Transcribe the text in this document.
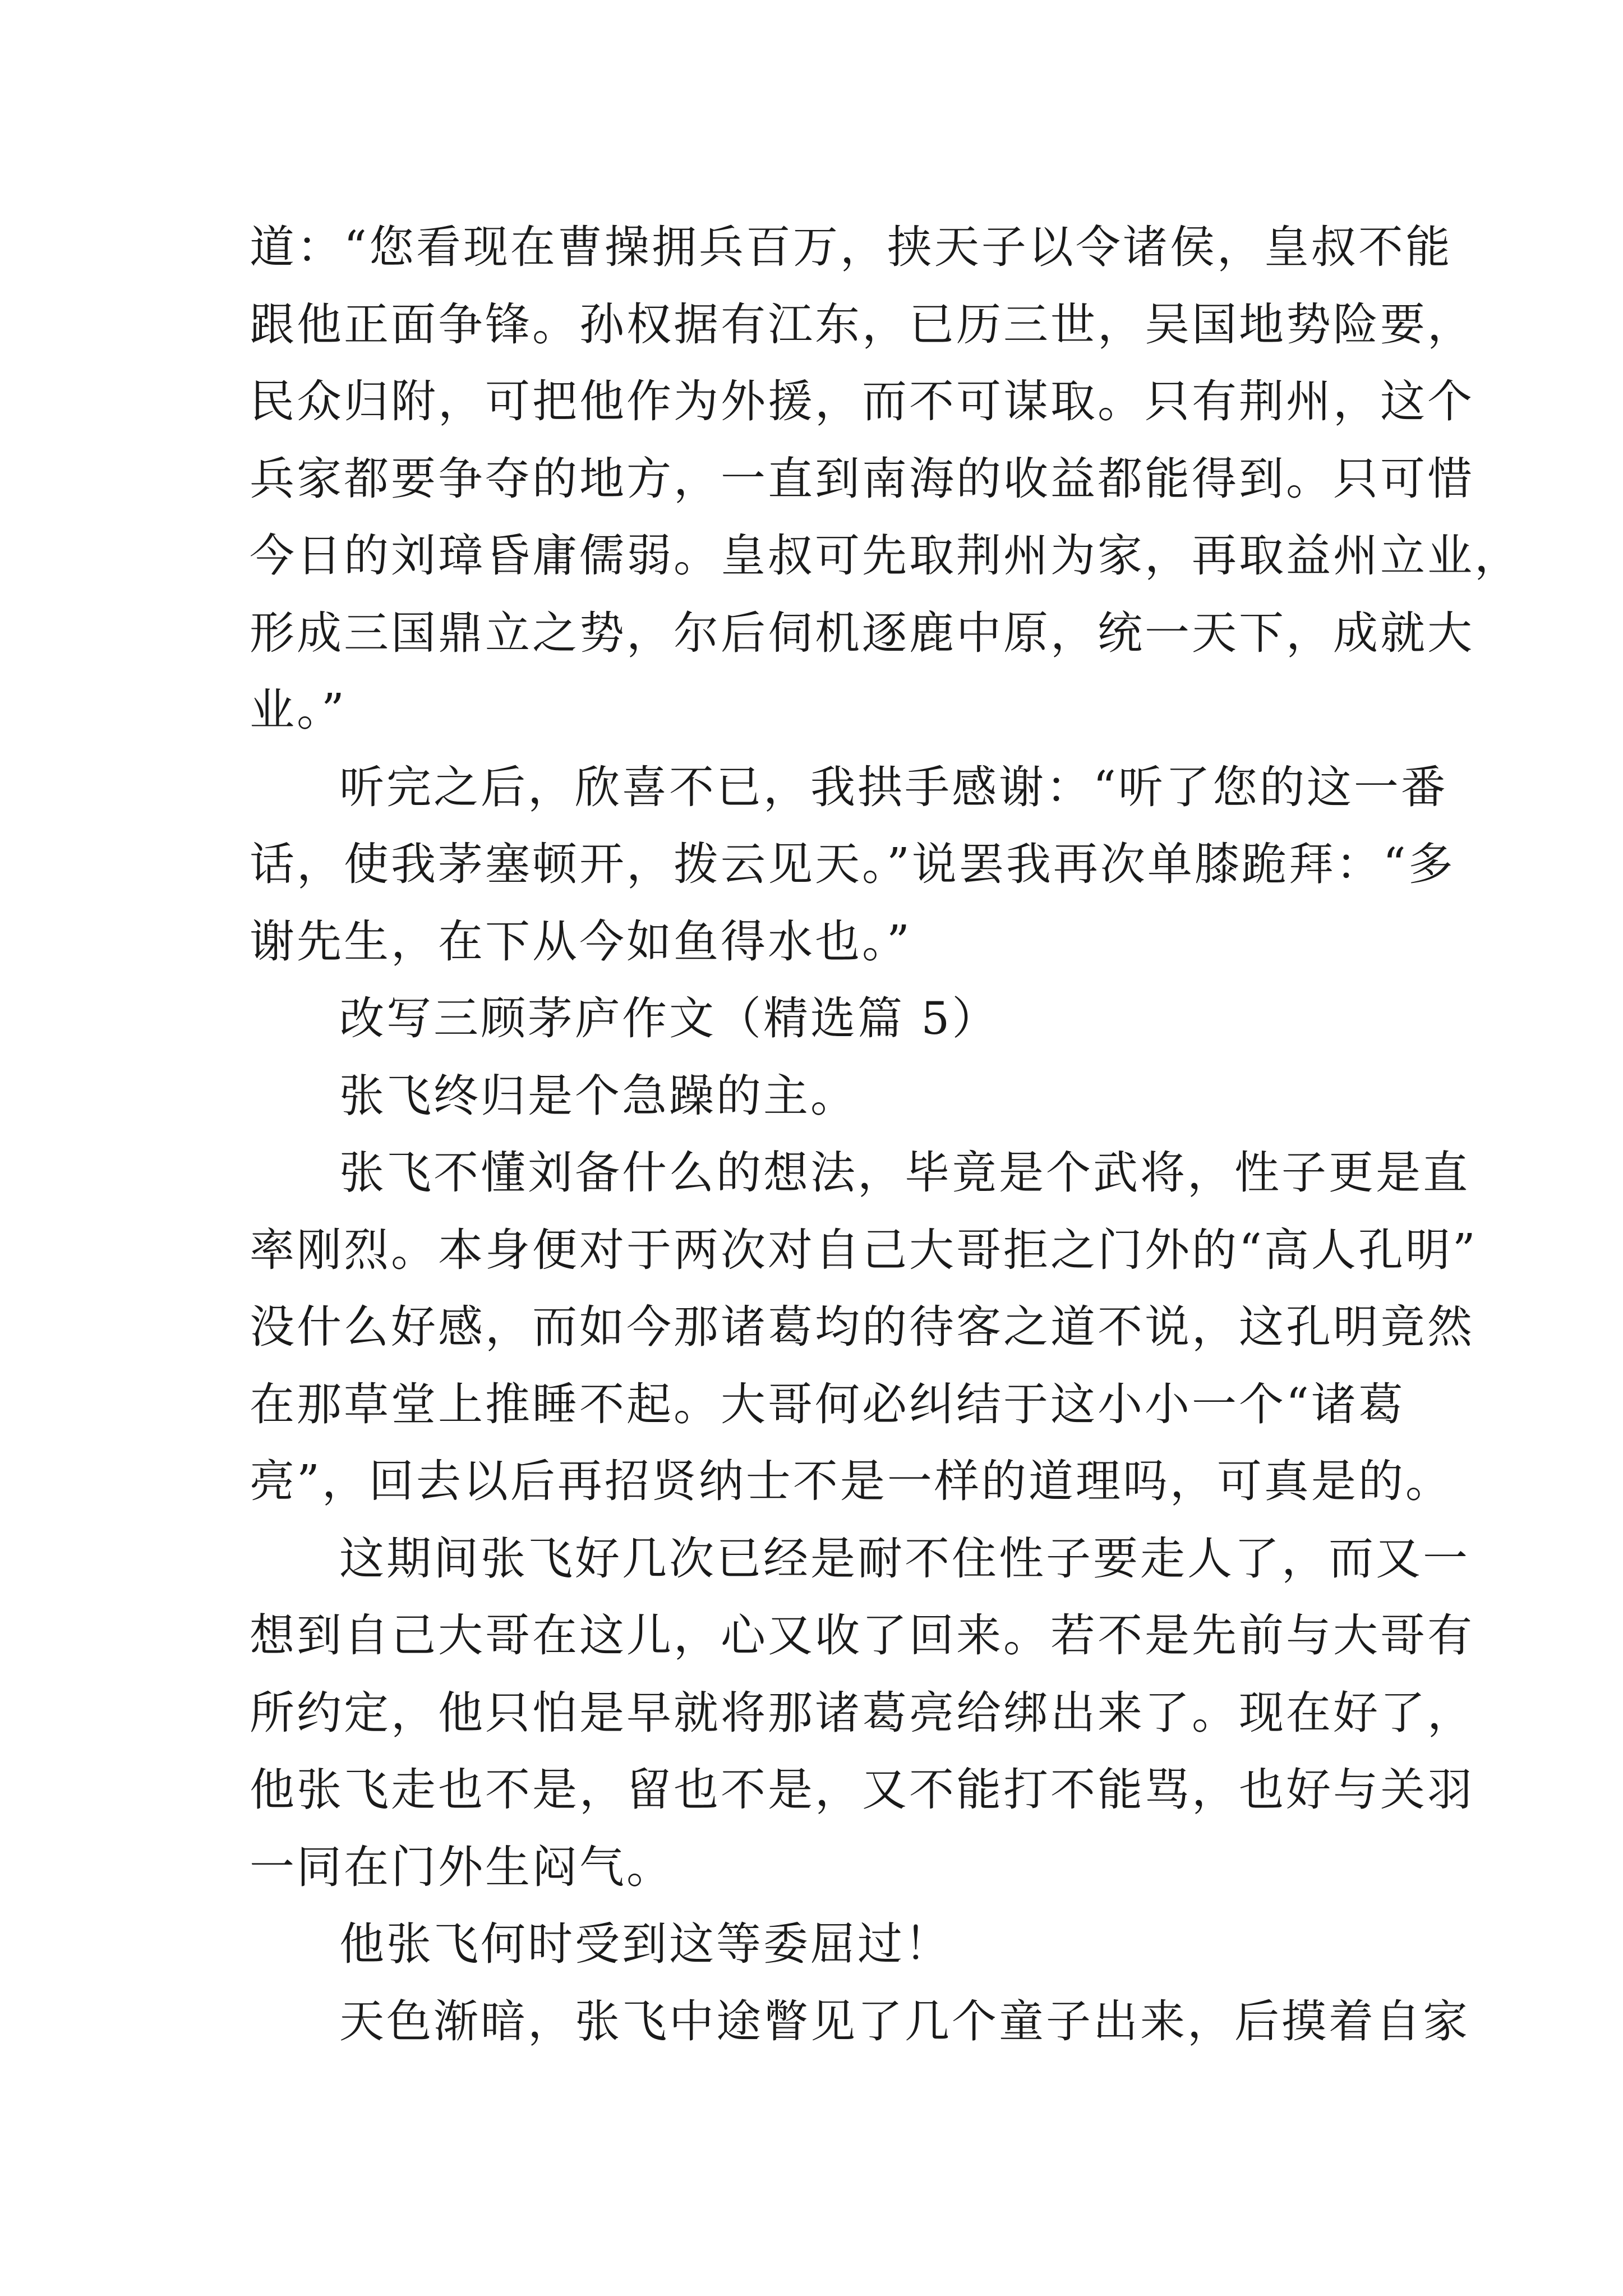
道：“您看现在曹操拥兵百万，挟天子以令诸侯，皇叔不能
跟他正面争锋。孙权据有江东，已历三世，吴国地势险要，
民众归附，可把他作为外援，而不可谋取。只有荆州，这个
兵家都要争夺的地方，一直到南海的收益都能得到。只可惜
今日的刘璋昏庸儒弱。皇叔可先取荆州为家，再取益州立业，
形成三国鼎立之势，尔后伺机逐鹿中原，统一天下，成就大
业。”
听完之后，欣喜不已，我拱手感谢：“听了您的这一番
话，使我茅塞顿开，拨云见天。”说罢我再次单膝跪拜：“多
谢先生，在下从今如鱼得水也。”
改写三顾茅庐作文（精选篇 5）
张飞终归是个急躁的主。
张飞不懂刘备什么的想法，毕竟是个武将，性子更是直
率刚烈。本身便对于两次对自己大哥拒之门外的“高人孔明”
没什么好感，而如今那诸葛均的待客之道不说，这孔明竟然
在那草堂上推睡不起。大哥何必纠结于这小小一个“诸葛
亮”，回去以后再招贤纳士不是一样的道理吗，可真是的。
这期间张飞好几次已经是耐不住性子要走人了，而又一
想到自己大哥在这儿，心又收了回来。若不是先前与大哥有
所约定，他只怕是早就将那诸葛亮给绑出来了。现在好了，
他张飞走也不是，留也不是，又不能打不能骂，也好与关羽
一同在门外生闷气。
他张飞何时受到这等委屈过！
天色渐暗，张飞中途瞥见了几个童子出来，后摸着自家
